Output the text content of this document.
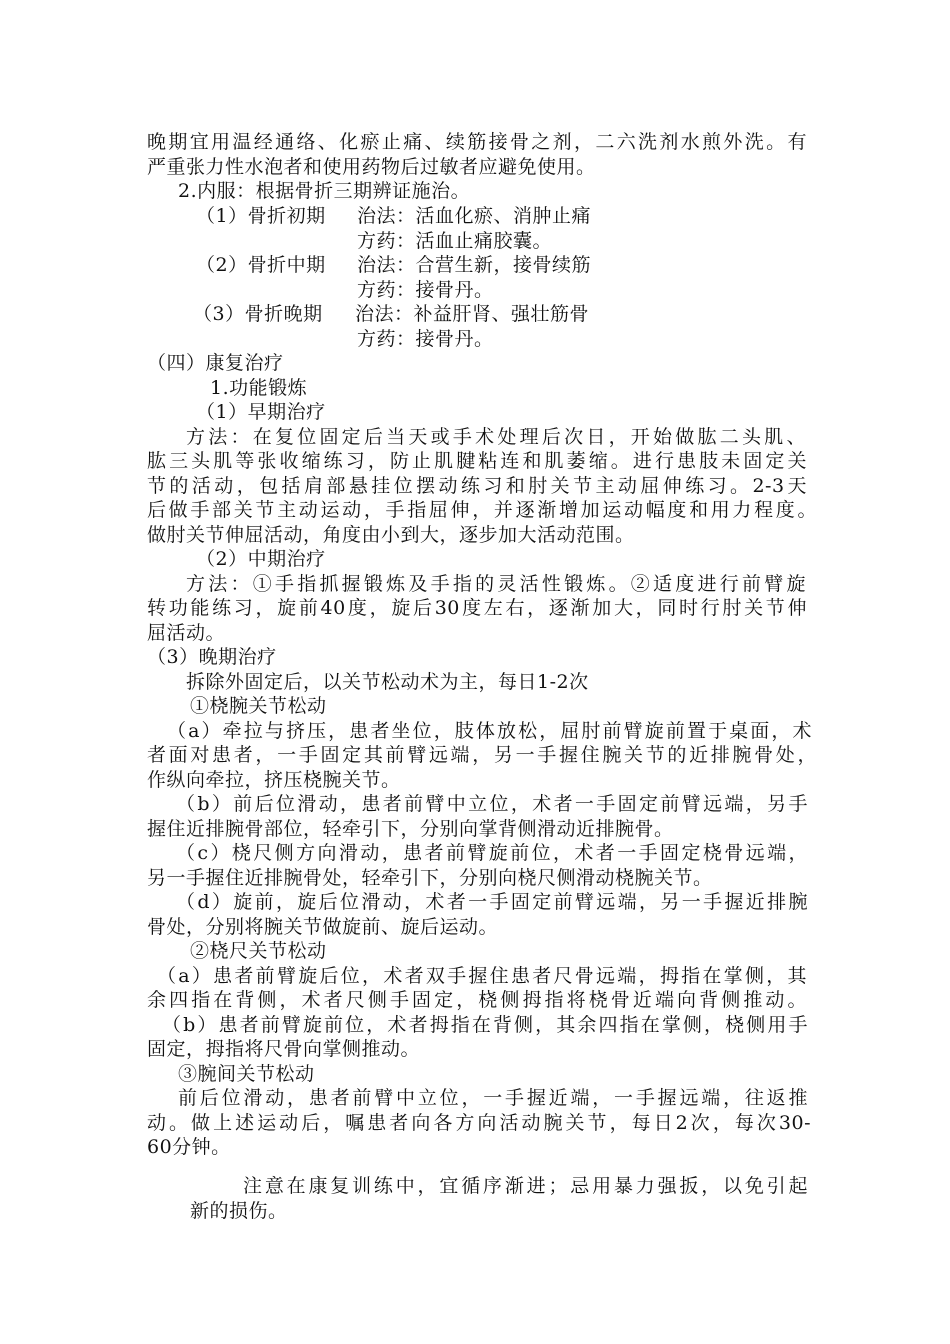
晚期宜用温经通络、化瘀止痛、续筋接骨之剂，二六洗剂水煎外洗。有
严重张力性水泡者和使用药物后过敏者应避免使用。
2.内服：根据骨折三期辨证施治。
（1）骨折初期 治法：活血化瘀、消肿止痛
方药：活血止痛胶囊。
（2）骨折中期 治法：合营生新，接骨续筋
方药：接骨丹。
（3）骨折晚期 治法：补益肝肾、强壮筋骨
方药：接骨丹。
（四）康复治疗
1.功能锻炼
（1）早期治疗
方法：在复位固定后当天或手术处理后次日，开始做肱二头肌、
肱三头肌等张收缩练习，防止肌腱粘连和肌萎缩。进行患肢未固定关
节的活动，包括肩部悬挂位摆动练习和肘关节主动屈伸练习。2-3天
后做手部关节主动运动，手指屈伸，并逐渐增加运动幅度和用力程度。
做肘关节伸屈活动，角度由小到大，逐步加大活动范围。
（2）中期治疗
方法：①手指抓握锻炼及手指的灵活性锻炼。②适度进行前臂旋
转功能练习，旋前40度，旋后30度左右，逐渐加大，同时行肘关节伸
屈活动。
（3）晚期治疗
拆除外固定后，以关节松动术为主，每日1-2次
①桡腕关节松动
（a）牵拉与挤压，患者坐位，肢体放松，屈肘前臂旋前置于桌面，术
者面对患者，一手固定其前臂远端，另一手握住腕关节的近排腕骨处，
作纵向牵拉，挤压桡腕关节。
（b）前后位滑动，患者前臂中立位，术者一手固定前臂远端，另手
握住近排腕骨部位，轻牵引下，分别向掌背侧滑动近排腕骨。
（c）桡尺侧方向滑动，患者前臂旋前位，术者一手固定桡骨远端，
另一手握住近排腕骨处，轻牵引下，分别向桡尺侧滑动桡腕关节。
（d）旋前，旋后位滑动，术者一手固定前臂远端，另一手握近排腕
骨处，分别将腕关节做旋前、旋后运动。
②桡尺关节松动
（a）患者前臂旋后位，术者双手握住患者尺骨远端，拇指在掌侧，其
余四指在背侧，术者尺侧手固定，桡侧拇指将桡骨近端向背侧推动。
（b）患者前臂旋前位，术者拇指在背侧，其余四指在掌侧，桡侧用手
固定，拇指将尺骨向掌侧推动。
③腕间关节松动
前后位滑动，患者前臂中立位，一手握近端，一手握远端，往返推
动。做上述运动后，嘱患者向各方向活动腕关节，每日2次，每次30-
60分钟。
注意在康复训练中，宜循序渐进；忌用暴力强扳，以免引起
新的损伤。
